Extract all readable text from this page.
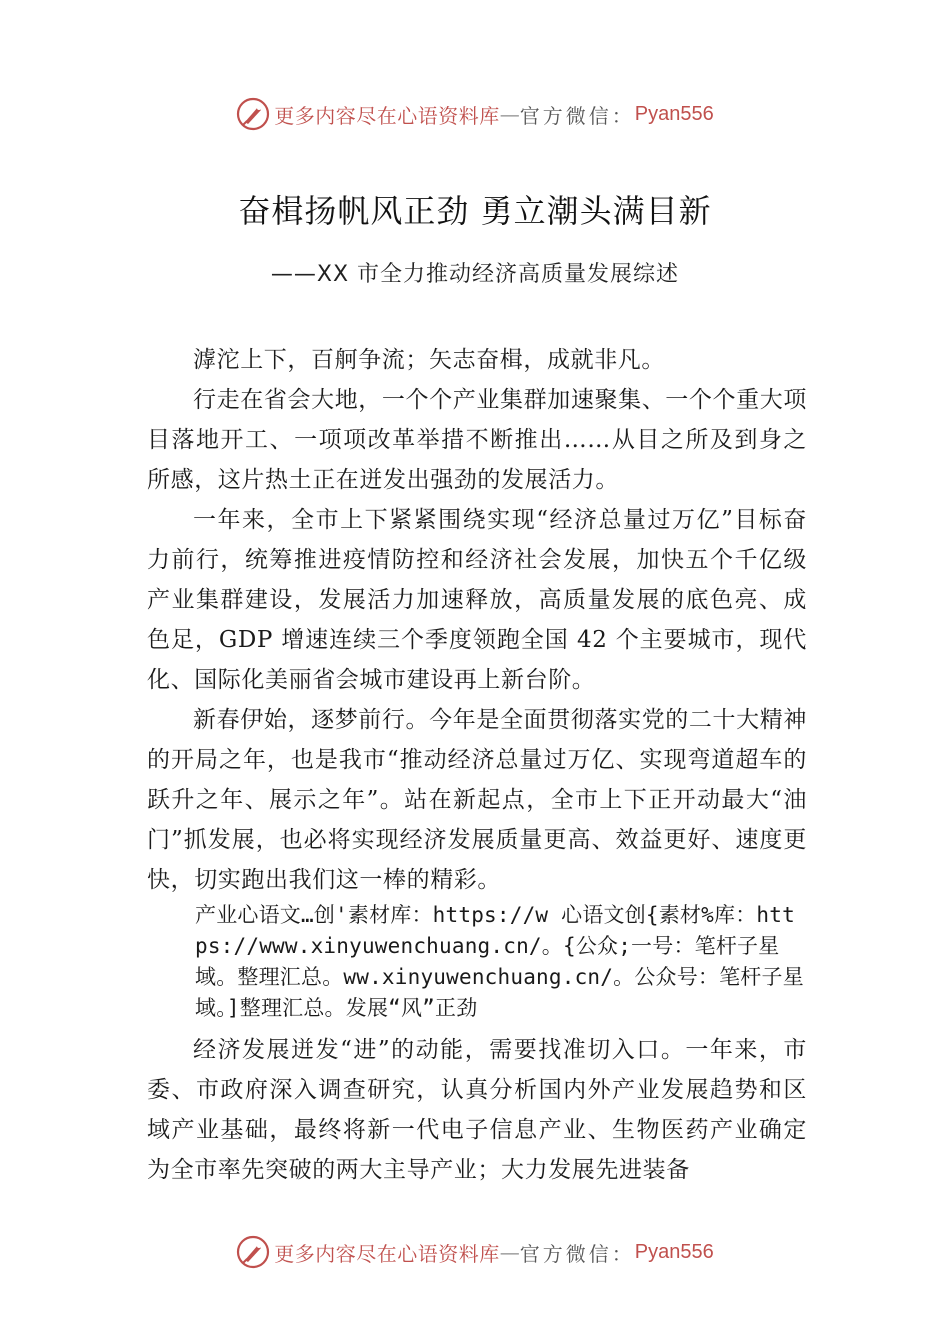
更多内容尽在心语资料库 — 官方微信： Pyan556
奋楫扬帆风正劲 勇立潮头满目新
——XX 市全力推动经济高质量发展综述

滹沱上下，百舸争流；矢志奋楫，成就非凡。

行走在省会大地，一个个产业集群加速聚集、一个个重大项目落地开工、一项项改革举措不断推出……从目之所及到身之所感，这片热土正在迸发出强劲的发展活力。

一年来，全市上下紧紧围绕实现“经济总量过万亿”目标奋力前行，统筹推进疫情防控和经济社会发展，加快五个千亿级产业集群建设，发展活力加速释放，高质量发展的底色亮、成色足，GDP 增速连续三个季度领跑全国 42 个主要城市，现代化、国际化美丽省会城市建设再上新台阶。

新春伊始，逐梦前行。今年是全面贯彻落实党的二十大精神的开局之年，也是我市“推动经济总量过万亿、实现弯道超车的跃升之年、展示之年”。站在新起点，全市上下正开动最大“油门”抓发展，也必将实现经济发展质量更高、效益更好、速度更快，切实跑出我们这一棒的精彩。

产业心语文…创'素材库：https://w 心语文创{素材%库：https://www.xinyuwenchuang.cn/。{公众;一号：笔杆子星域。整理汇总。ww.xinyuwenchuang.cn/。公众号：笔杆子星域。]整理汇总。发展“风”正劲

经济发展迸发“进”的动能，需要找准切入口。一年来，市委、市政府深入调查研究，认真分析国内外产业发展趋势和区域产业基础，最终将新一代电子信息产业、生物医药产业确定为全市率先突破的两大主导产业；大力发展先进装备

更多内容尽在心语资料库 — 官方微信： Pyan556
